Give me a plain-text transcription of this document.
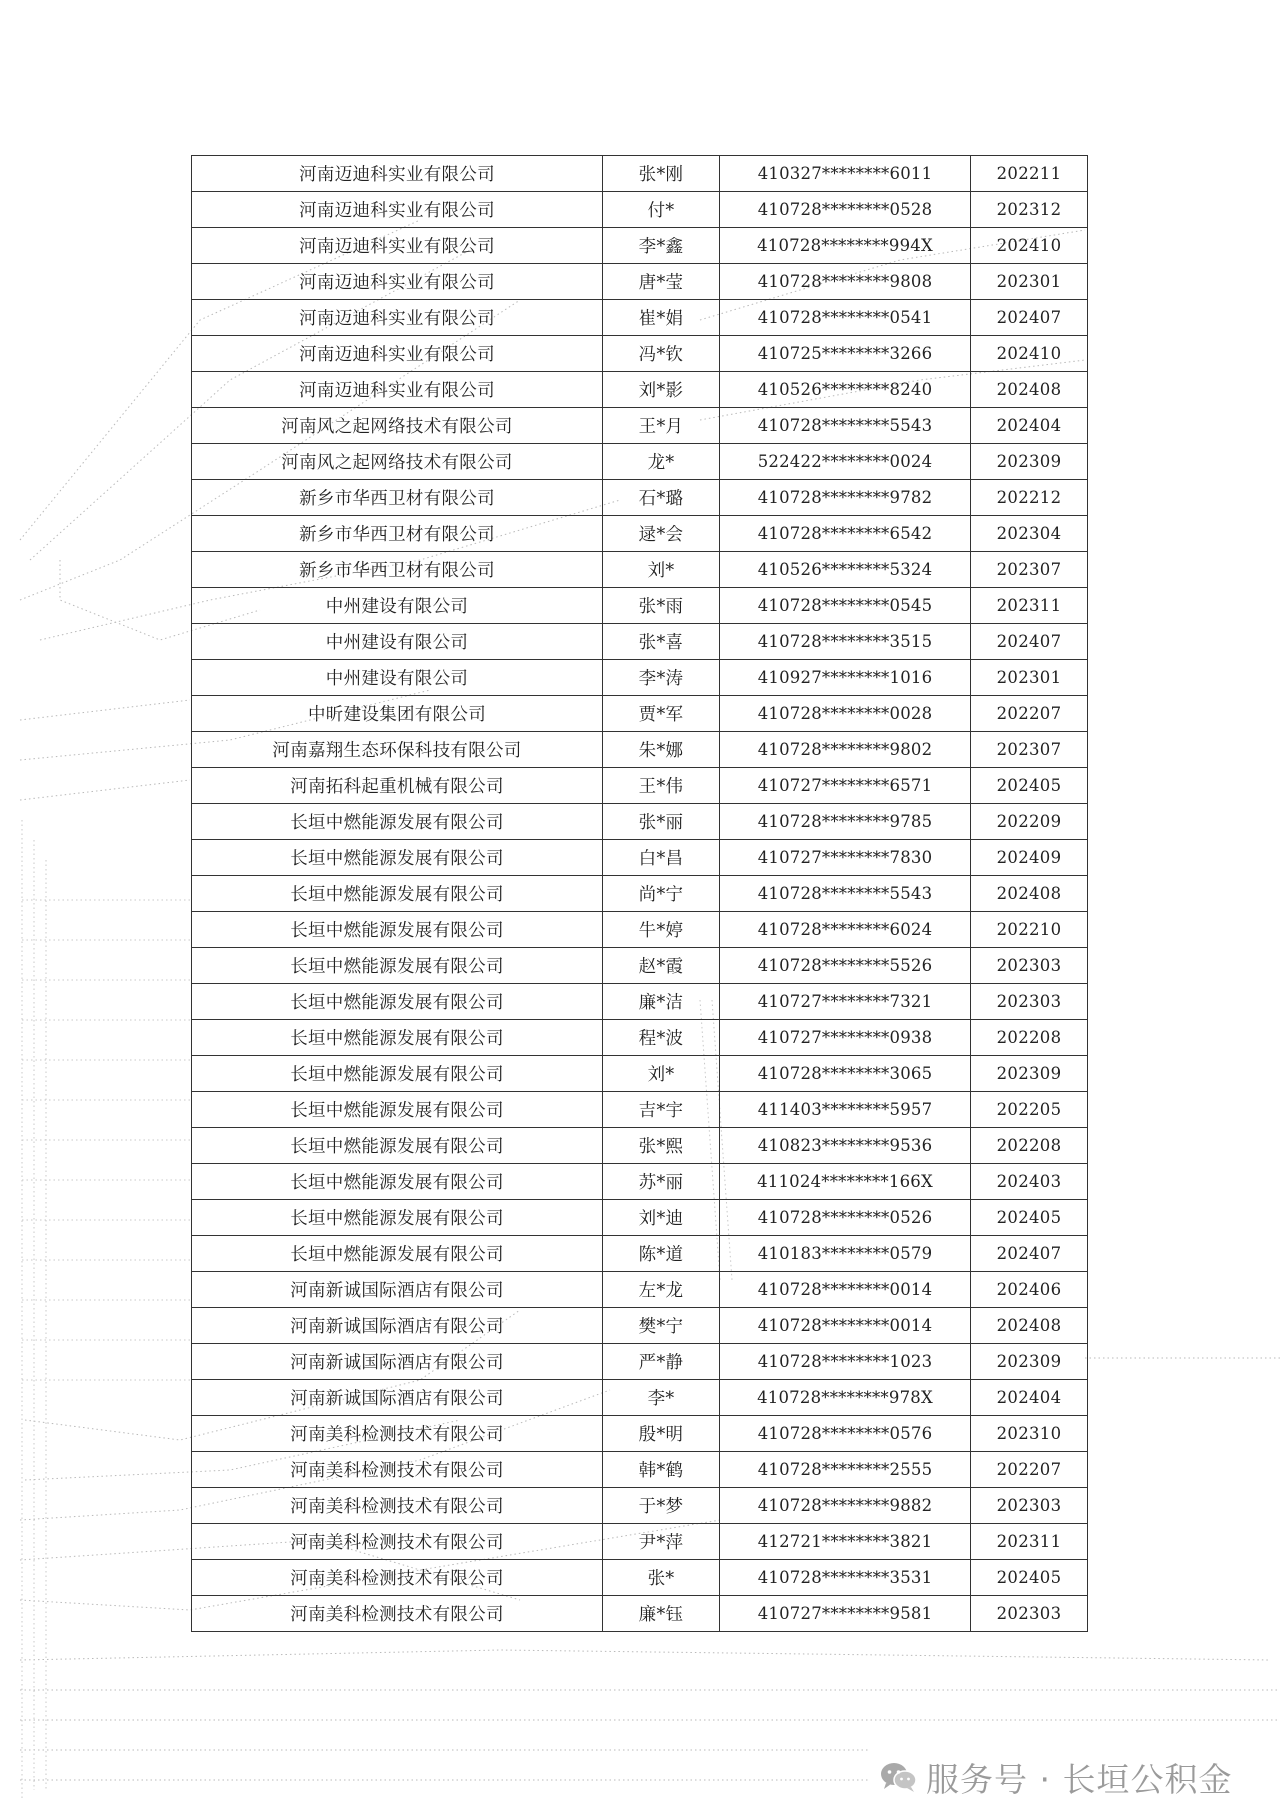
河南迈迪科实业有限公司	张*刚	410327********6011	202211
河南迈迪科实业有限公司	付*	410728********0528	202312
河南迈迪科实业有限公司	李*鑫	410728********994X	202410
河南迈迪科实业有限公司	唐*莹	410728********9808	202301
河南迈迪科实业有限公司	崔*娟	410728********0541	202407
河南迈迪科实业有限公司	冯*钦	410725********3266	202410
河南迈迪科实业有限公司	刘*影	410526********8240	202408
河南风之起网络技术有限公司	王*月	410728********5543	202404
河南风之起网络技术有限公司	龙*	522422********0024	202309
新乡市华西卫材有限公司	石*璐	410728********9782	202212
新乡市华西卫材有限公司	逯*会	410728********6542	202304
新乡市华西卫材有限公司	刘*	410526********5324	202307
中州建设有限公司	张*雨	410728********0545	202311
中州建设有限公司	张*喜	410728********3515	202407
中州建设有限公司	李*涛	410927********1016	202301
中昕建设集团有限公司	贾*军	410728********0028	202207
河南嘉翔生态环保科技有限公司	朱*娜	410728********9802	202307
河南拓科起重机械有限公司	王*伟	410727********6571	202405
长垣中燃能源发展有限公司	张*丽	410728********9785	202209
长垣中燃能源发展有限公司	白*昌	410727********7830	202409
长垣中燃能源发展有限公司	尚*宁	410728********5543	202408
长垣中燃能源发展有限公司	牛*婷	410728********6024	202210
长垣中燃能源发展有限公司	赵*霞	410728********5526	202303
长垣中燃能源发展有限公司	廉*洁	410727********7321	202303
长垣中燃能源发展有限公司	程*波	410727********0938	202208
长垣中燃能源发展有限公司	刘*	410728********3065	202309
长垣中燃能源发展有限公司	吉*宇	411403********5957	202205
长垣中燃能源发展有限公司	张*熙	410823********9536	202208
长垣中燃能源发展有限公司	苏*丽	411024********166X	202403
长垣中燃能源发展有限公司	刘*迪	410728********0526	202405
长垣中燃能源发展有限公司	陈*道	410183********0579	202407
河南新诚国际酒店有限公司	左*龙	410728********0014	202406
河南新诚国际酒店有限公司	樊*宁	410728********0014	202408
河南新诚国际酒店有限公司	严*静	410728********1023	202309
河南新诚国际酒店有限公司	李*	410728********978X	202404
河南美科检测技术有限公司	殷*明	410728********0576	202310
河南美科检测技术有限公司	韩*鹤	410728********2555	202207
河南美科检测技术有限公司	于*梦	410728********9882	202303
河南美科检测技术有限公司	尹*萍	412721********3821	202311
河南美科检测技术有限公司	张*	410728********3531	202405
河南美科检测技术有限公司	廉*钰	410727********9581	202303
服务号 · 长垣公积金
